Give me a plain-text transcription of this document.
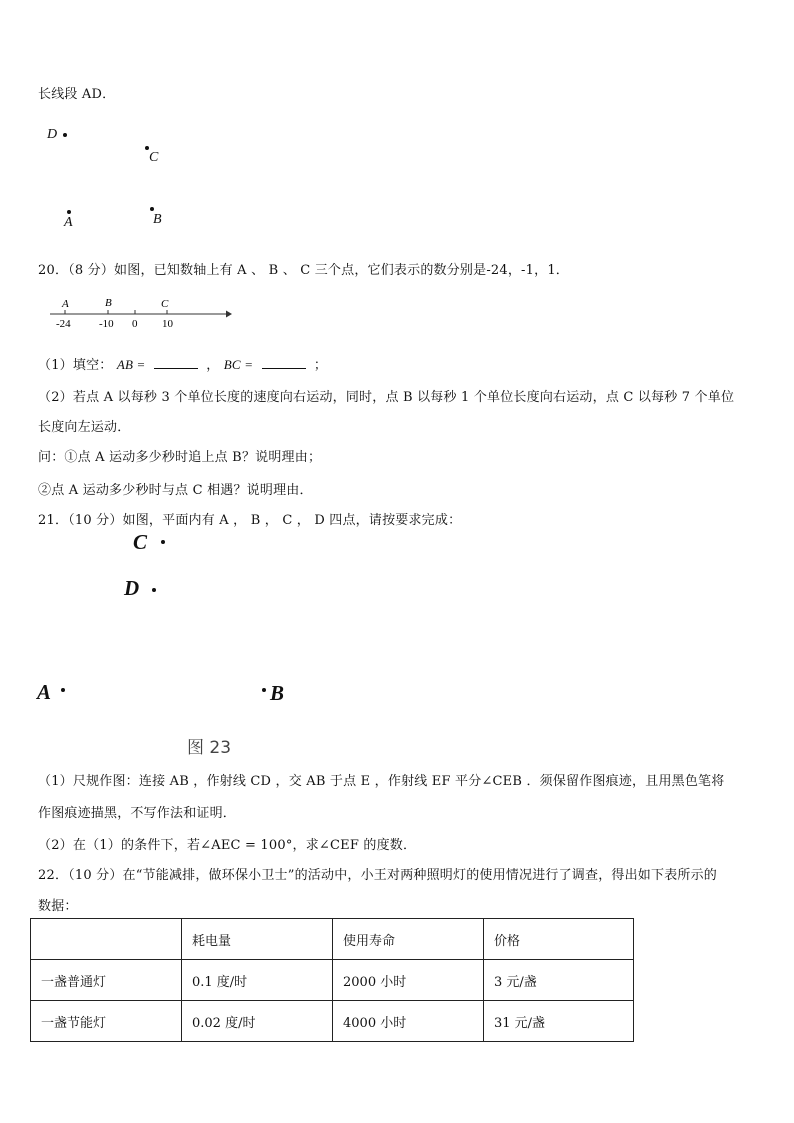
长线段 AD．
D
C
A	B
20．（8 分）如图，已知数轴上有 A 、 B 、 C 三个点，它们表示的数分别是-24，-1，1．
A	B	C
-24	-10 0 10
（1）填空： AB =	， BC =	；
（2）若点 A 以每秒 3 个单位长度的速度向右运动，同时，点 B 以每秒 1 个单位长度向右运动，点 C 以每秒 7 个单位
长度向左运动．
问：①点 A 运动多少秒时追上点 B？说明理由；
②点 A 运动多少秒时与点 C 相遇？说明理由．
21．（10 分）如图，平面内有 A ， B ， C ， D 四点，请按要求完成：
C
D
A	B
图 23
（1）尺规作图：连接 AB ，作射线 CD ，交 AB 于点 E ，作射线 EF 平分∠CEB ．须保留作图痕迹，且用黑色笔将
作图痕迹描黑，不写作法和证明．
（2）在（1）的条件下，若∠AEC = 100°，求∠CEF 的度数．
22．（10 分）在“节能减排，做环保小卫士”的活动中，小王对两种照明灯的使用情况进行了调查，得出如下表所示的
数据：
	耗电量	使用寿命	价格
一盏普通灯	0.1 度/时	2000 小时	3 元/盏
一盏节能灯	0.02 度/时	4000 小时	31 元/盏
